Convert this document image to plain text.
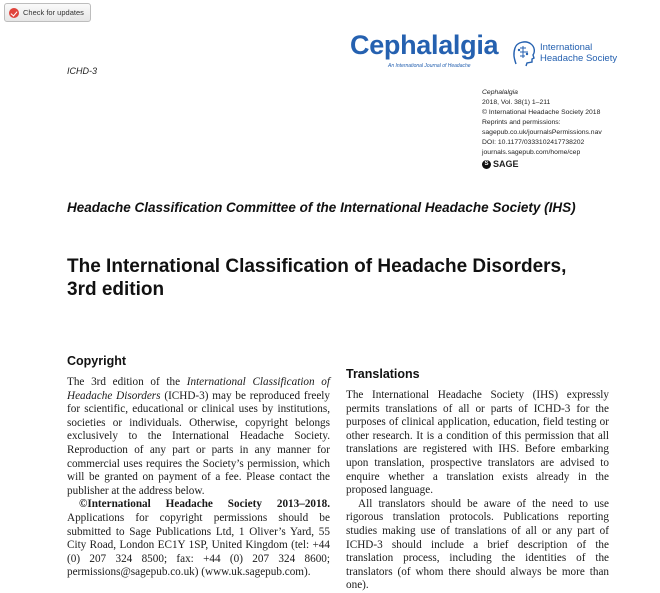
Check for updates
Cephalalgia
An International Journal of Headache
International
Headache Society
ICHD-3
Cephalalgia
2018, Vol. 38(1) 1–211
© International Headache Society 2018
Reprints and permissions:
sagepub.co.uk/journalsPermissions.nav
DOI: 10.1177/0333102417738202
journals.sagepub.com/home/cep
S SAGE
Headache Classification Committee of the International Headache Society (IHS)
The International Classification of Headache Disorders, 3rd edition
Copyright

The 3rd edition of the International Classification of Headache Disorders (ICHD-3) may be reproduced freely for scientific, educational or clinical uses by institutions, societies or individuals. Otherwise, copyright belongs exclusively to the International Headache Society. Reproduction of any part or parts in any manner for commercial uses requires the Society’s permission, which will be granted on payment of a fee. Please contact the publisher at the address below.

©International Headache Society 2013–2018. Applications for copyright permissions should be submitted to Sage Publications Ltd, 1 Oliver’s Yard, 55 City Road, London EC1Y 1SP, United Kingdom (tel: +44 (0) 207 324 8500; fax: +44 (0) 207 324 8600; permissions@sagepub.co.uk) (www.uk.sagepub.com).

Translations

The International Headache Society (IHS) expressly permits translations of all or parts of ICHD-3 for the purposes of clinical application, education, field testing or other research. It is a condition of this permission that all translations are registered with IHS. Before embarking upon translation, prospective translators are advised to enquire whether a translation exists already in the proposed language.

All translators should be aware of the need to use rigorous translation protocols. Publications reporting studies making use of translations of all or any part of ICHD-3 should include a brief description of the translation process, including the identities of the translators (of whom there should always be more than one).
